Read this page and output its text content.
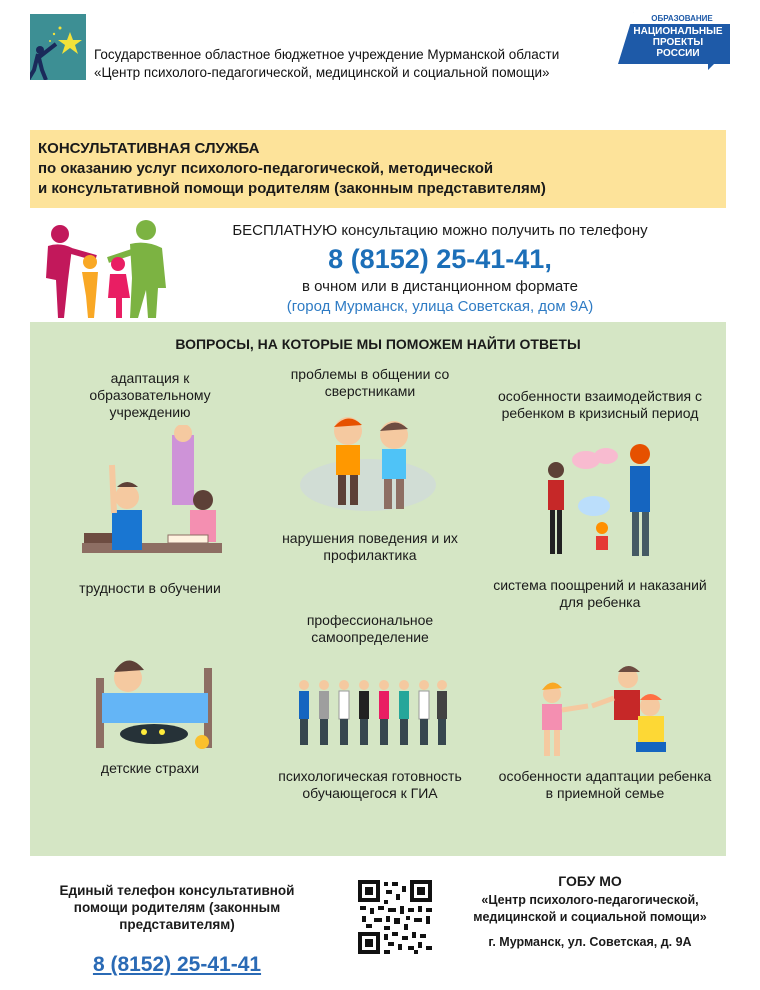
Государственное областное бюджетное учреждение Мурманской области
«Центр психолого-педагогической, медицинской и социальной помощи»
ОБРАЗОВАНИЕ
НАЦИОНАЛЬНЫЕ
ПРОЕКТЫ
РОССИИ
КОНСУЛЬТАТИВНАЯ СЛУЖБА
по оказанию услуг психолого-педагогической, методической
и консультативной помощи родителям (законным представителям)
БЕСПЛАТНУЮ консультацию можно получить по телефону
8 (8152) 25-41-41,
в очном или в дистанционном формате
(город Мурманск, улица Советская, дом 9А)
ВОПРОСЫ, НА КОТОРЫЕ МЫ ПОМОЖЕМ НАЙТИ ОТВЕТЫ
адаптация к
образовательному
учреждению
трудности в обучении
детские страхи
проблемы в общении со
сверстниками
нарушения поведения и их
профилактика
профессиональное
самоопределение
психологическая готовность
обучающегося к ГИА
особенности взаимодействия с
ребенком в кризисный период
система поощрений и наказаний
для ребенка
особенности адаптации ребенка
в приемной семье
Единый телефон консультативной
помощи родителям (законным
представителям)
8 (8152) 25-41-41
ГОБУ МО
«Центр психолого-педагогической,
медицинской и социальной помощи»
г. Мурманск, ул. Советская, д. 9А
